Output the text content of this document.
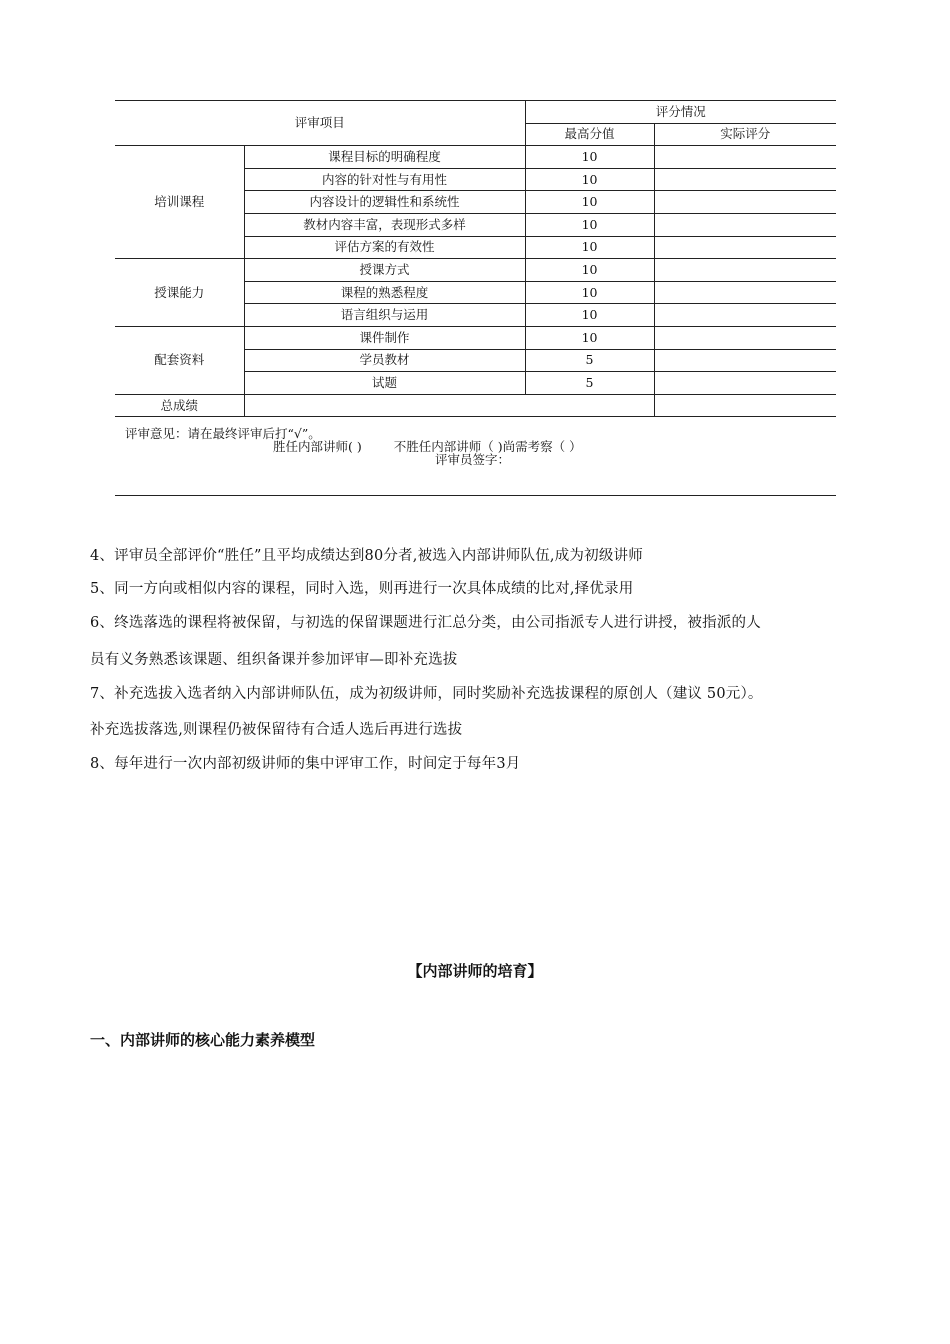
评审项目		评分情况	
		最高分值	实际评分
培训课程	课程目标的明确程度	10	
	内容的针对性与有用性	10	
	内容设计的逻辑性和系统性	10	
	教材内容丰富，表现形式多样	10	
	评估方案的有效性	10	
授课能力	授课方式	10	
	课程的熟悉程度	10	
	语言组织与运用	10	
配套资料	课件制作	10	
	学员教材	5	
	试题	5	
总成绩			
评审意见：请在最终评审后打“√”。
胜任内部讲师( ) 不胜任内部讲师（ )尚需考察（ ）
评审员签字：			
4、评审员全部评价“胜任”且平均成绩达到80分者,被选入内部讲师队伍,成为初级讲师
5、同一方向或相似内容的课程，同时入选，则再进行一次具体成绩的比对,择优录用
6、终选落选的课程将被保留，与初选的保留课题进行汇总分类，由公司指派专人进行讲授，被指派的人
员有义务熟悉该课题、组织备课并参加评审—即补充选拔
7、补充选拔入选者纳入内部讲师队伍，成为初级讲师，同时奖励补充选拔课程的原创人（建议 50元）。
补充选拔落选,则课程仍被保留待有合适人选后再进行选拔
8、每年进行一次内部初级讲师的集中评审工作，时间定于每年3月
【内部讲师的培育】
一、内部讲师的核心能力素养模型
